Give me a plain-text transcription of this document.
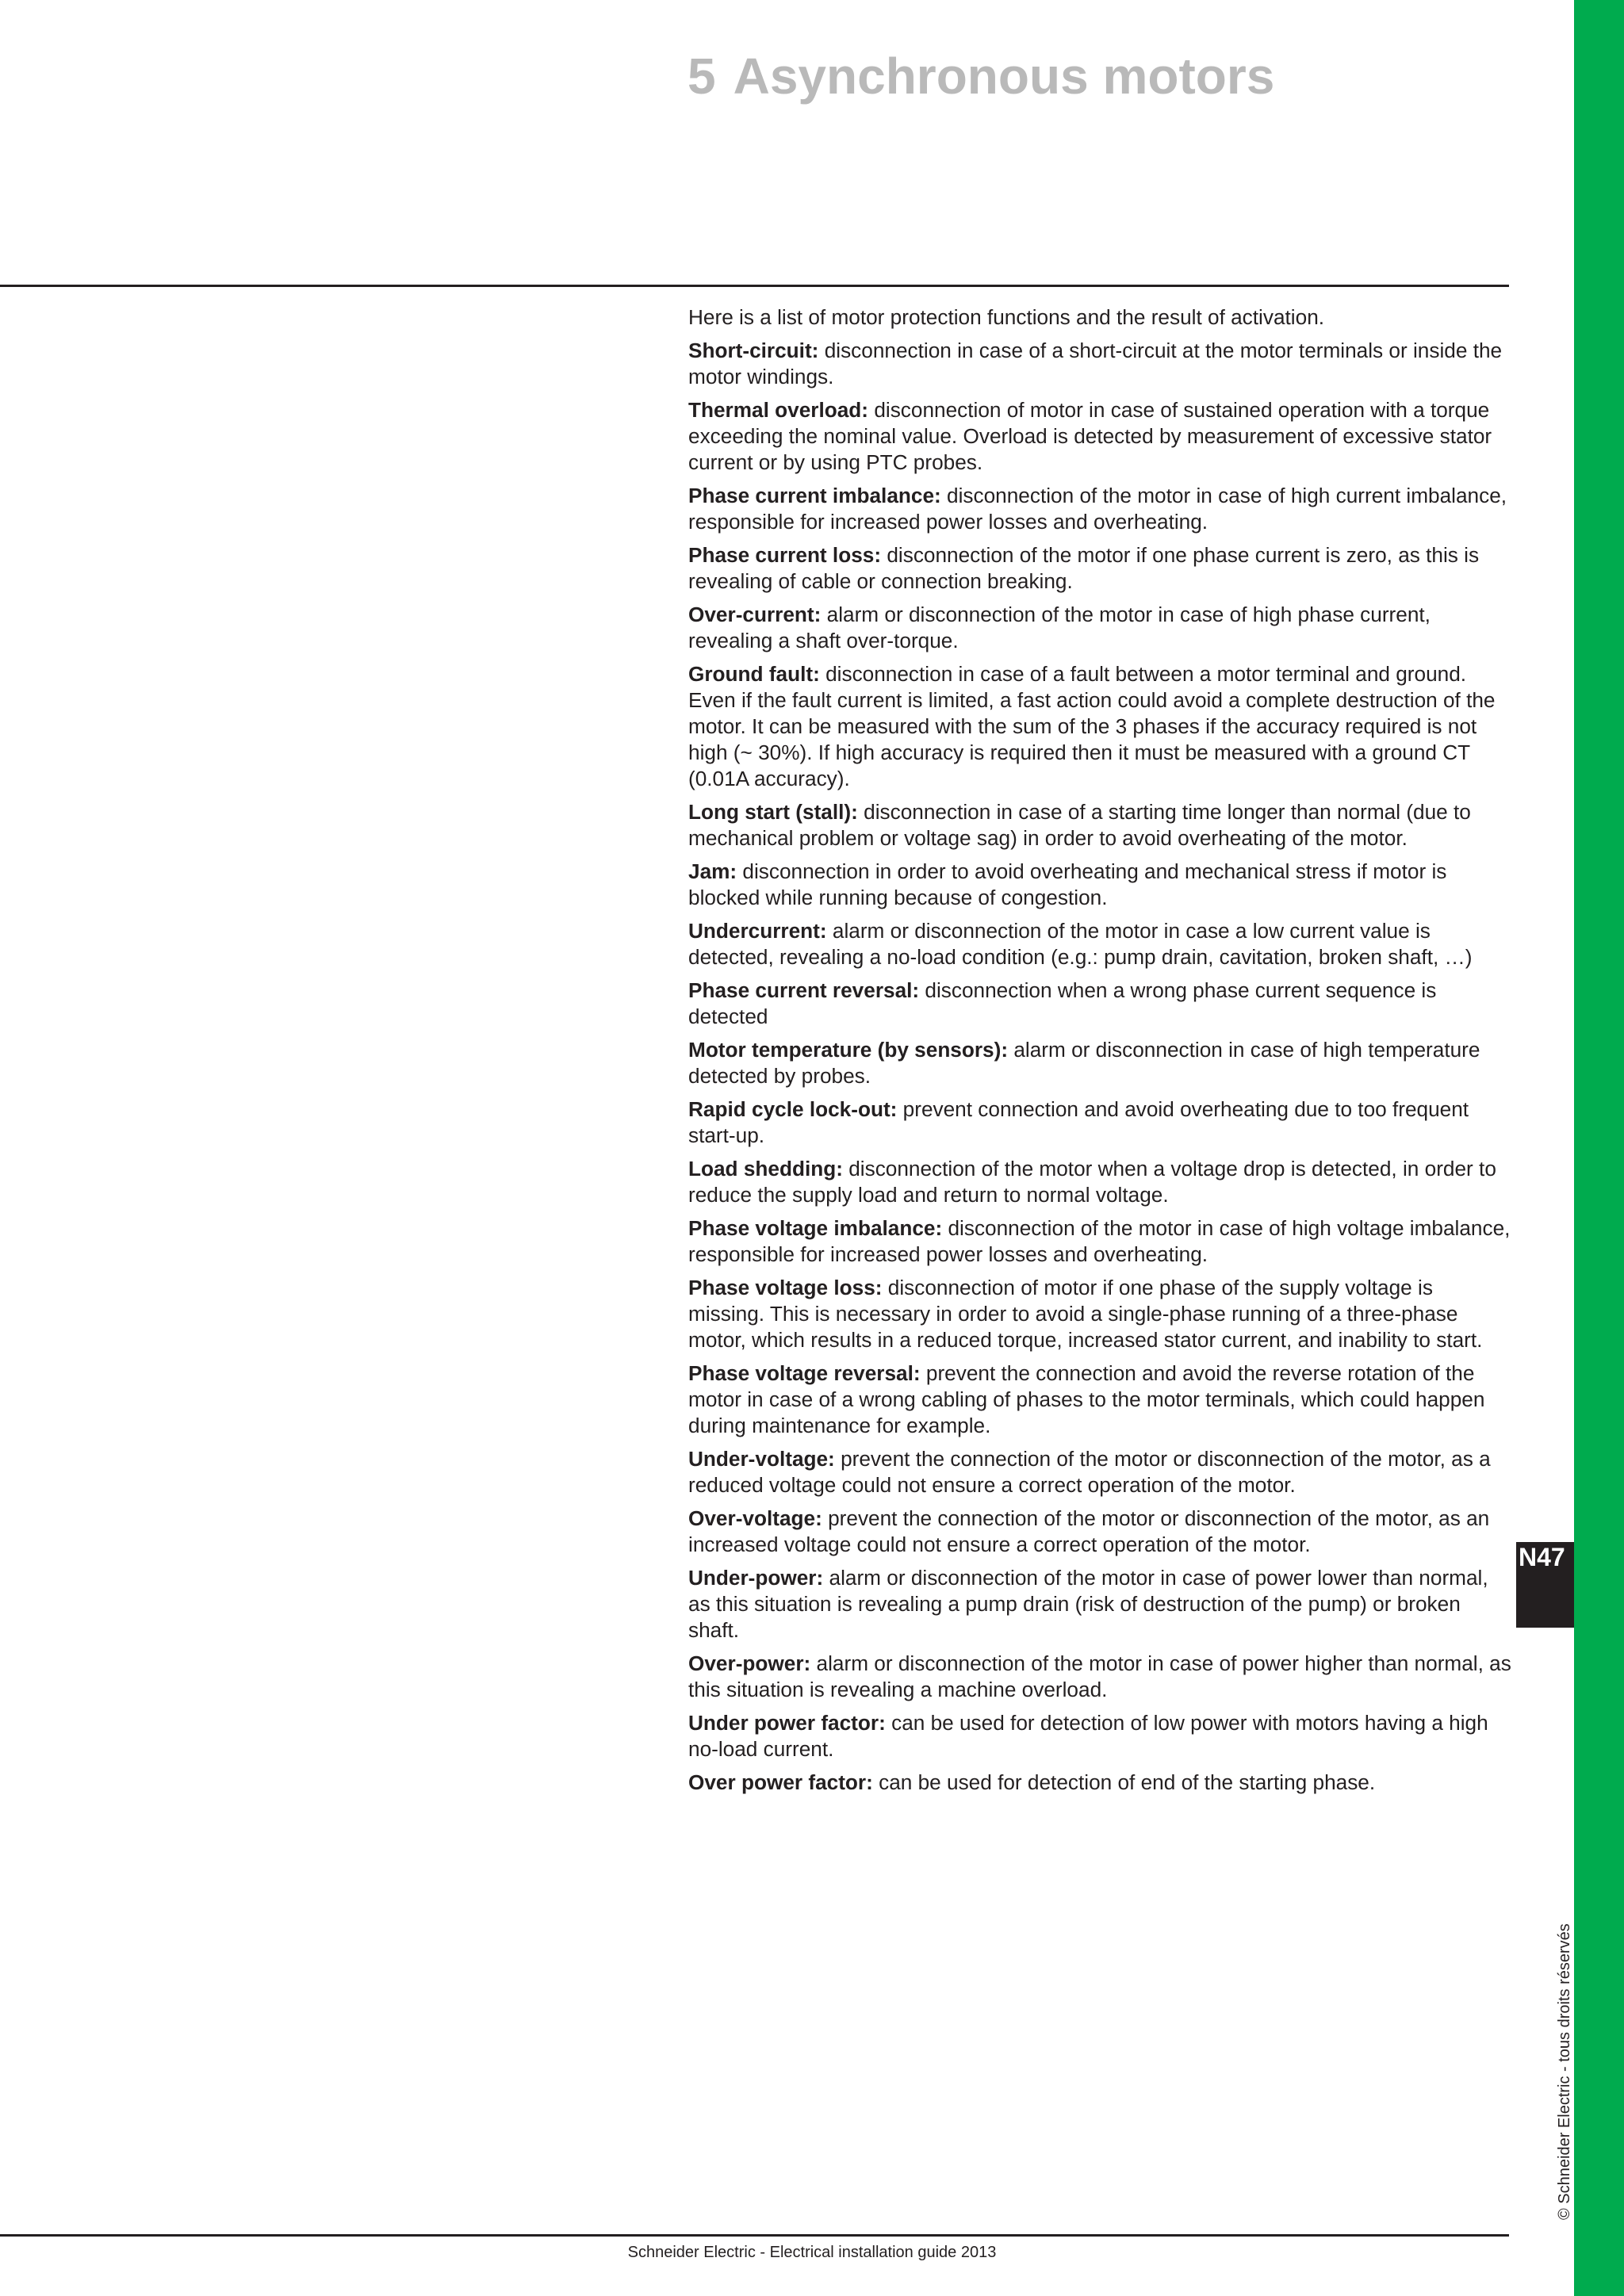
5 Asynchronous motors

Here is a list of motor protection functions and the result of activation.

Short-circuit: disconnection in case of a short-circuit at the motor terminals or inside the motor windings.

Thermal overload: disconnection of motor in case of sustained operation with a torque exceeding the nominal value. Overload is detected by measurement of excessive stator current or by using PTC probes.

Phase current imbalance: disconnection of the motor in case of high current imbalance, responsible for increased power losses and overheating.

Phase current loss: disconnection of the motor if one phase current is zero, as this is revealing of cable or connection breaking.

Over-current: alarm or disconnection of the motor in case of high phase current, revealing a shaft over-torque.

Ground fault: disconnection in case of a fault between a motor terminal and ground. Even if the fault current is limited, a fast action could avoid a complete destruction of the motor. It can be measured with the sum of the 3 phases if the accuracy required is not high (~ 30%). If high accuracy is required then it must be measured with a ground CT (0.01A accuracy).

Long start (stall): disconnection in case of a starting time longer than normal (due to mechanical problem or voltage sag) in order to avoid overheating of the motor.

Jam: disconnection in order to avoid overheating and mechanical stress if motor is blocked while running because of congestion.

Undercurrent: alarm or disconnection of the motor in case a low current value is detected, revealing a no-load condition (e.g.: pump drain, cavitation, broken shaft, …)

Phase current reversal: disconnection when a wrong phase current sequence is detected

Motor temperature (by sensors): alarm or disconnection in case of high temperature detected by probes.

Rapid cycle lock-out: prevent connection and avoid overheating due to too frequent start-up.

Load shedding: disconnection of the motor when a voltage drop is detected, in order to reduce the supply load and return to normal voltage.

Phase voltage imbalance: disconnection of the motor in case of high voltage imbalance, responsible for increased power losses and overheating.

Phase voltage loss: disconnection of motor if one phase of the supply voltage is missing. This is necessary in order to avoid a single-phase running of a three-phase motor, which results in a reduced torque, increased stator current, and inability to start.

Phase voltage reversal: prevent the connection and avoid the reverse rotation of the motor in case of a wrong cabling of phases to the motor terminals, which could happen during maintenance for example.

Under-voltage: prevent the connection of the motor or disconnection of the motor, as a reduced voltage could not ensure a correct operation of the motor.

Over-voltage: prevent the connection of the motor or disconnection of the motor, as an increased voltage could not ensure a correct operation of the motor.

Under-power: alarm or disconnection of the motor in case of power lower than normal, as this situation is revealing a pump drain (risk of destruction of the pump) or broken shaft.

Over-power: alarm or disconnection of the motor in case of power higher than normal, as this situation is revealing a machine overload.

Under power factor: can be used for detection of low power with motors having a high no-load current.

Over power factor: can be used for detection of end of the starting phase.

N47
© Schneider Electric - tous droits réservés
Schneider Electric - Electrical installation guide 2013
